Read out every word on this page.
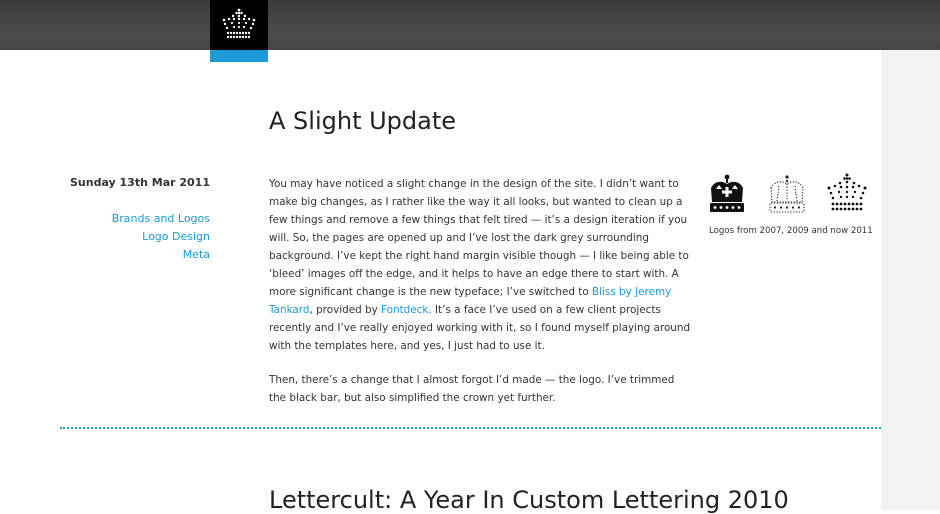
A Slight Update
Sunday 13th Mar 2011
Brands and Logos
Logo Design
Meta

You may have noticed a slight change in the design of the site. I didn’t want to make big changes, as I rather like the way it all looks, but wanted to clean up a few things and remove a few things that felt tired — it’s a design iteration if you will. So, the pages are opened up and I’ve lost the dark grey surrounding background. I’ve kept the right hand margin visible though — I like being able to ‘bleed’ images off the edge, and it helps to have an edge there to start with. A more significant change is the new typeface; I’ve switched to Bliss by Jeremy Tankard, provided by Fontdeck. It’s a face I’ve used on a few client projects recently and I’ve really enjoyed working with it, so I found myself playing around with the templates here, and yes, I just had to use it.

Then, there’s a change that I almost forgot I’d made — the logo. I’ve trimmed the black bar, but also simplified the crown yet further.

Logos from 2007, 2009 and now 2011
Lettercult: A Year In Custom Lettering 2010
